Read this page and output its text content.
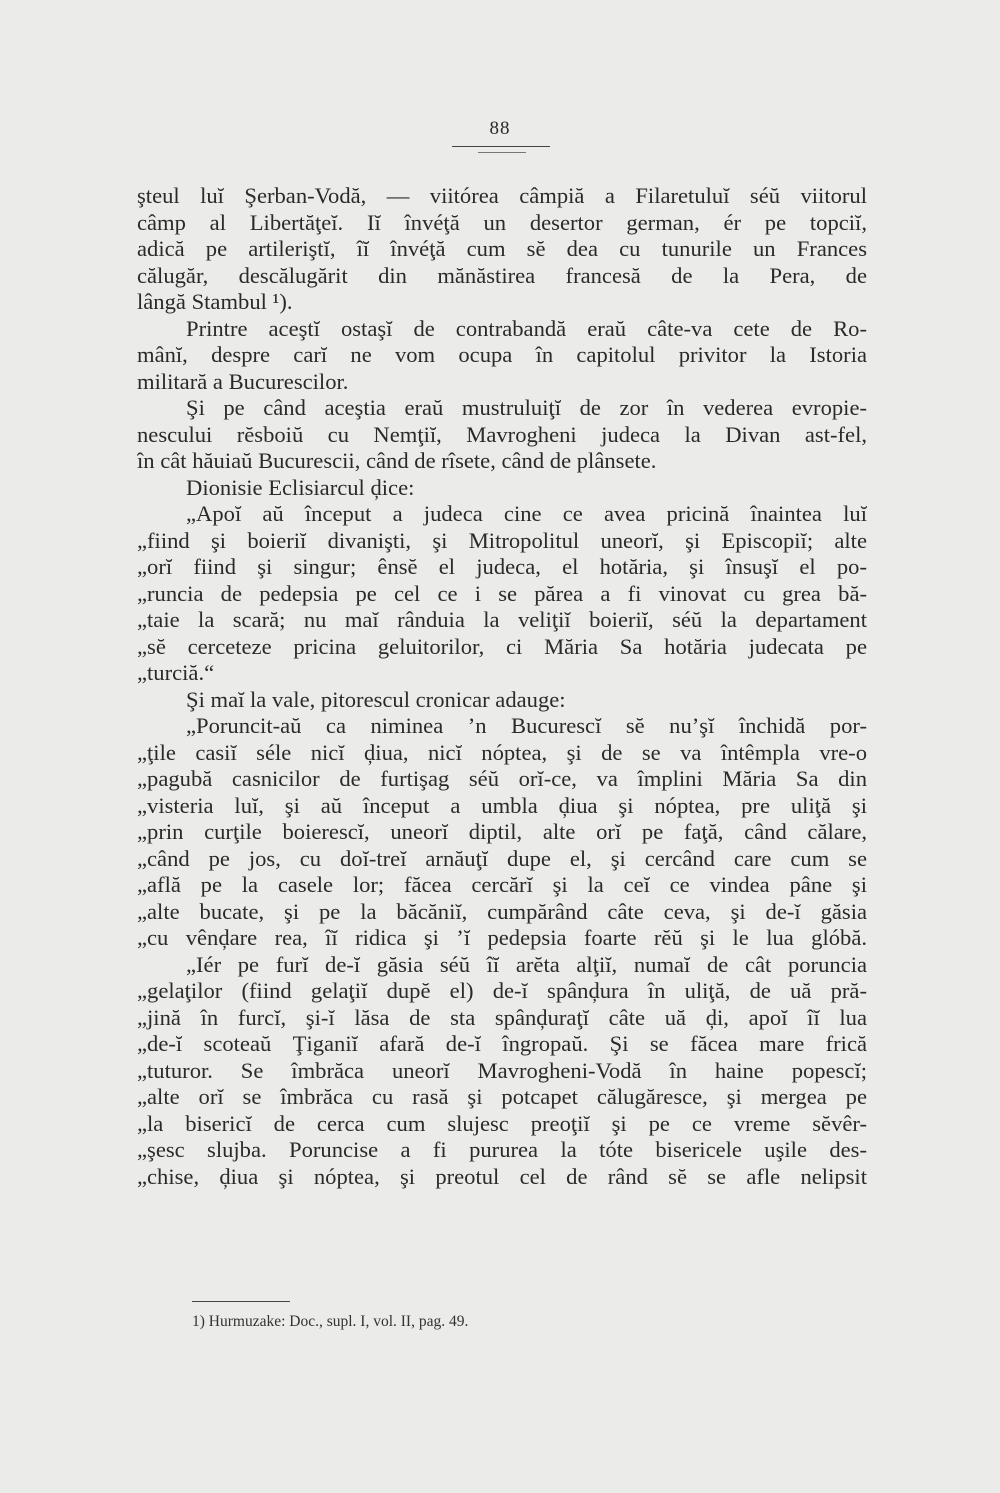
88
ştеul luĭ Şerban-Vodă, — viitórea câmpiă a Filaretuluĭ séŭ viitorul
câmp al Libertăţeĭ. Iĭ învéţă un desertor german, ér pe topciĭ,
adică pe artileriştĭ, îĭ învéţă cum sĕ dea cu tunurile un Frances
călugăr, descălugărit din mănăstirea francesă de la Pera, de
lângă Stambul ¹).
Printre aceştĭ ostaşĭ de contrabandă eraŭ câte-va cete de Ro-
mânĭ, despre carĭ ne vom ocupa în capitolul privitor la Istoria
militară a Bucurescilor.
Şi pe când aceştia eraŭ mustruluiţĭ de zor în vederea evropie-
nescului rĕsboiŭ cu Nemţiĭ, Mavrogheni judeca la Divan ast-fel,
în cât hăuiaŭ Bucurescii, când de rîsete, când de plânsete.
Dionisie Eclisiarcul ḑice:
„Apoĭ aŭ început a judeca cine ce avea pricină înaintea luĭ
„fiind şi boieriĭ divanişti, şi Mitropolitul uneorĭ, şi Episcopiĭ; alte
„orĭ fiind şi singur; ênsĕ el judeca, el hotăria, şi însuşĭ el po-
„runcia de pedepsia pe cel ce i se părea a fi vinovat cu grea bă-
„taie la scară; nu maĭ rânduia la veliţiĭ boieriĭ, séŭ la departament
„sĕ cerceteze pricina geluitorilor, ci Măria Sa hotăria judecata pe
„turciă.“
Şi maĭ la vale, pitorescul cronicar adauge:
„Poruncit-aŭ ca niminea ’n Bucurescĭ sĕ nu’şĭ închidă por-
„ţile casiĭ séle nicĭ ḑiua, nicĭ nóptea, şi de se va întêmpla vre-o
„pagubă casnicilor de furtişag séŭ orĭ-ce, va împlini Măria Sa din
„visteria luĭ, şi aŭ început a umbla ḑiua şi nóptea, pre uliţă şi
„prin curţile boierescĭ, uneorĭ diptil, alte orĭ pe faţă, când călare,
„când pe jos, cu doĭ-treĭ arnăuţĭ dupe el, şi cercând care cum se
„află pe la casele lor; făcea cercărĭ şi la ceĭ ce vindea pâne şi
„alte bucate, şi pe la băcăniĭ, cumpărând câte ceva, şi de-ĭ găsia
„cu vênḑare rea, îĭ ridica şi ’ĭ pedepsia foarte rĕŭ şi le lua glóbă.
„Iér pe furĭ de-ĭ găsia séŭ îĭ arĕta alţiĭ, numaĭ de cât poruncia
„gelaţilor (fiind gelaţiĭ dupĕ el) de-ĭ spânḑura în uliţă, de uă pră-
„jină în furcĭ, şi-ĭ lăsa de sta spânḑuraţĭ câte uă ḑi, apoĭ îĭ lua
„de-ĭ scoteaŭ Ţiganiĭ afară de-ĭ îngropaŭ. Şi se făcea mare frică
„tuturor. Se îmbrăca uneorĭ Mavrogheni-Vodă în haine popescĭ;
„alte orĭ se îmbrăca cu rasă şi potcapet călugăresce, şi mergea pe
„la bisericĭ de cerca cum slujesc preoţiĭ şi pe ce vreme sĕvêr-
„şesc slujba. Poruncise a fi pururea la tóte bisericele uşile des-
„chise, ḑiua şi nóptea, şi preotul cel de rând sĕ se afle nelipsit
1) Hurmuzake: Doc., supl. I, vol. II, pag. 49.
